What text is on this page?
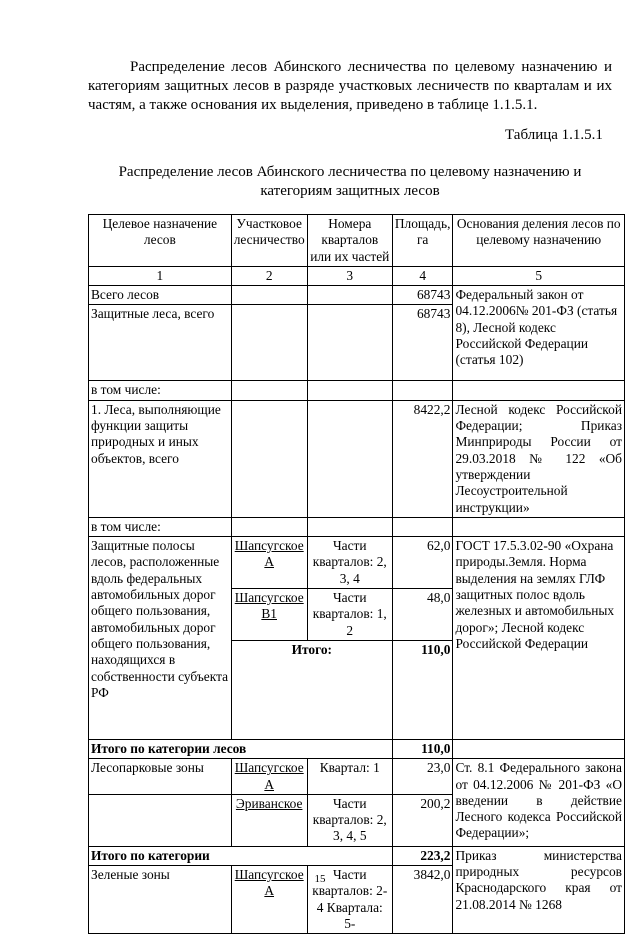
Распределение лесов Абинского лесничества по целевому назначению и категориям защитных лесов в разряде участковых лесничеств по кварталам и их частям, а также основания их выделения, приведено в таблице 1.1.5.1.
Таблица 1.1.5.1
Распределение лесов Абинского лесничества по целевому назначению и категориям защитных лесов
Целевое назначение лесов	Участковое лесничество	Номера кварталов или их частей	Площадь, га	Основания деления лесов по целевому назначению
1	2	3	4	5
Всего лесов			68743	Федеральный закон от 04.12.2006№ 201-ФЗ (статья 8), Лесной кодекс Российской Федерации (статья 102)
Защитные леса, всего			68743	
в том числе:				
1. Леса, выполняющие функции защиты природных и иных объектов, всего			8422,2	Лесной кодекс Российской Федерации; Приказ Минприроды России от 29.03.2018 № 122 «Об утверждении Лесоустроительной инструкции»
в том числе:				
Защитные полосы лесов, расположенные вдоль федеральных автомобильных дорог общего пользования, автомобильных дорог общего пользования, находящихся в собственности субъекта РФ	Шапсугское А	Части кварталов: 2, 3, 4	62,0	ГОСТ 17.5.3.02-90 «Охрана природы.Земля. Норма выделения на землях ГЛФ защитных полос вдоль железных и автомобильных дорог»; Лесной кодекс Российской Федерации
	Шапсугское В1	Части кварталов: 1, 2	48,0	
	Итого:		110,0	
Итого по категории лесов			110,0	
Лесопарковые зоны	Шапсугское А	Квартал: 1	23,0	Ст. 8.1 Федерального закона от 04.12.2006 № 201-ФЗ «О введении в действие Лесного кодекса Российской Федерации»;
	Эриванское	Части кварталов: 2, 3, 4, 5	200,2	
Итого по категории			223,2	Приказ министерства природных ресурсов Краснодарского края от 21.08.2014 № 1268
Зеленые зоны	Шапсугское А	Части кварталов: 2-4 Квартала: 5-	3842,0	
15
